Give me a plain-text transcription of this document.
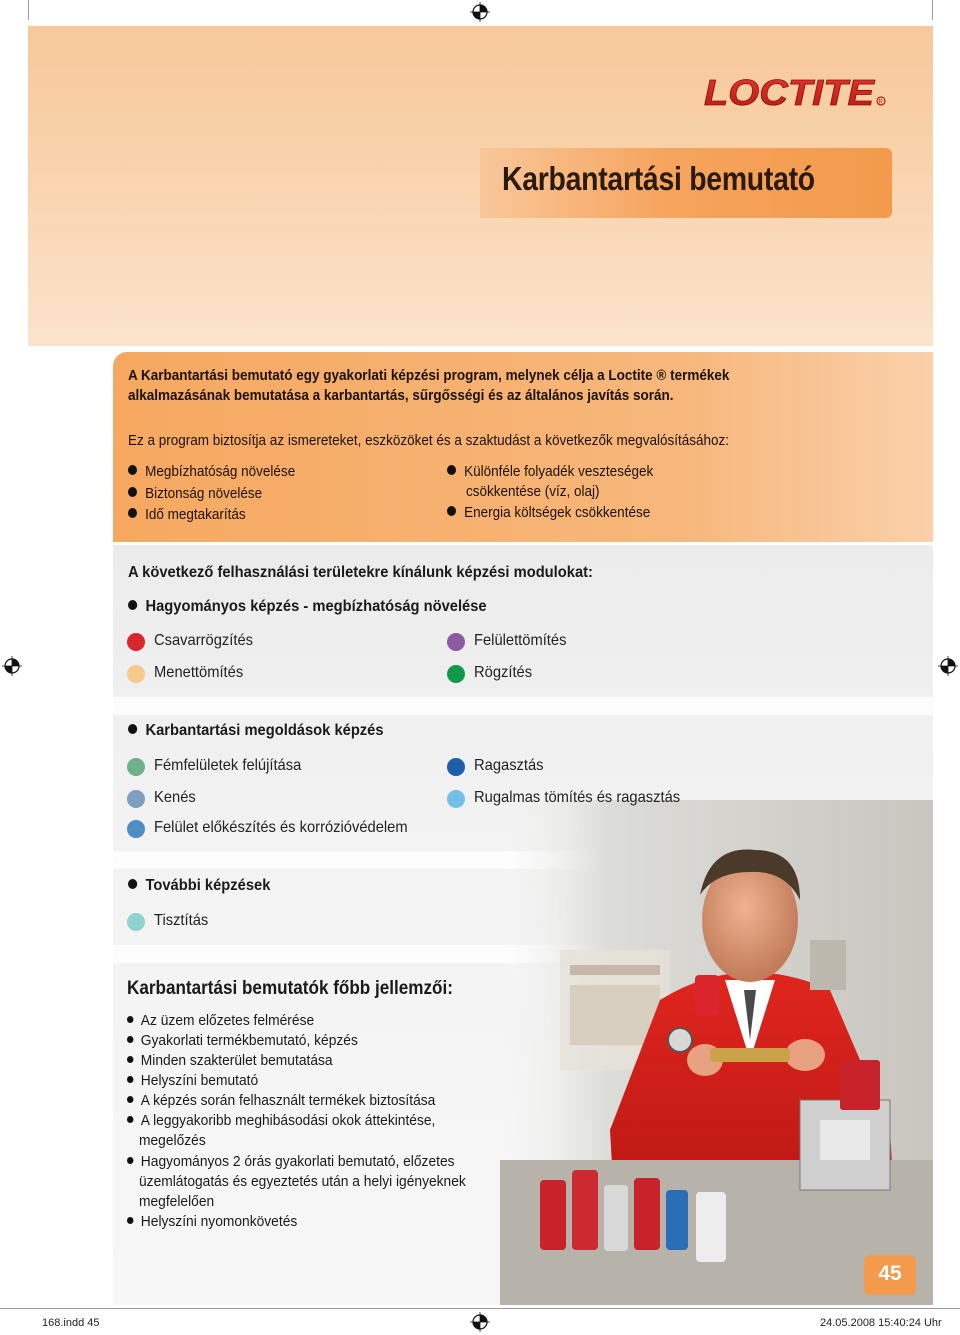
LOCTITE R
Karbantartási bemutató
A Karbantartási bemutató egy gyakorlati képzési program, melynek célja a Loctite ® termékek
alkalmazásának bemutatása a karbantartás, sűrgősségi és az általános javítás során.
Ez a program biztosítja az ismereteket, eszközöket és a szaktudást a következők megvalósításához:
Megbízhatóság növelése
Biztonság növelése
Idő megtakarítás
Különféle folyadék veszteségek
csökkentése (víz, olaj)
Energia költségek csökkentése
A következő felhasználási területekre kínálunk képzési modulokat:
Hagyományos képzés - megbízhatóság növelése
Csavarrögzítés	Felülettömítés
Menettömítés	Rögzítés
Karbantartási megoldások képzés
Fémfelületek felújítása	Ragasztás
Kenés	Rugalmas tömítés és ragasztás
Felület előkészítés és korrózióvédelem
További képzések
Tisztítás
Karbantartási bemutatók főbb jellemzői:
Az üzem előzetes felmérése
Gyakorlati termékbemutató, képzés
Minden szakterület bemutatása
Helyszíni bemutató
A képzés során felhasznált termékek biztosítása
A leggyakoribb meghibásodási okok áttekintése,
megelőzés
Hagyományos 2 órás gyakorlati bemutató, előzetes
üzemlátogatás és egyeztetés után a helyi igényeknek
megfelelően
Helyszíni nyomonkövetés
45
168.indd 45	24.05.2008 15:40:24 Uhr
